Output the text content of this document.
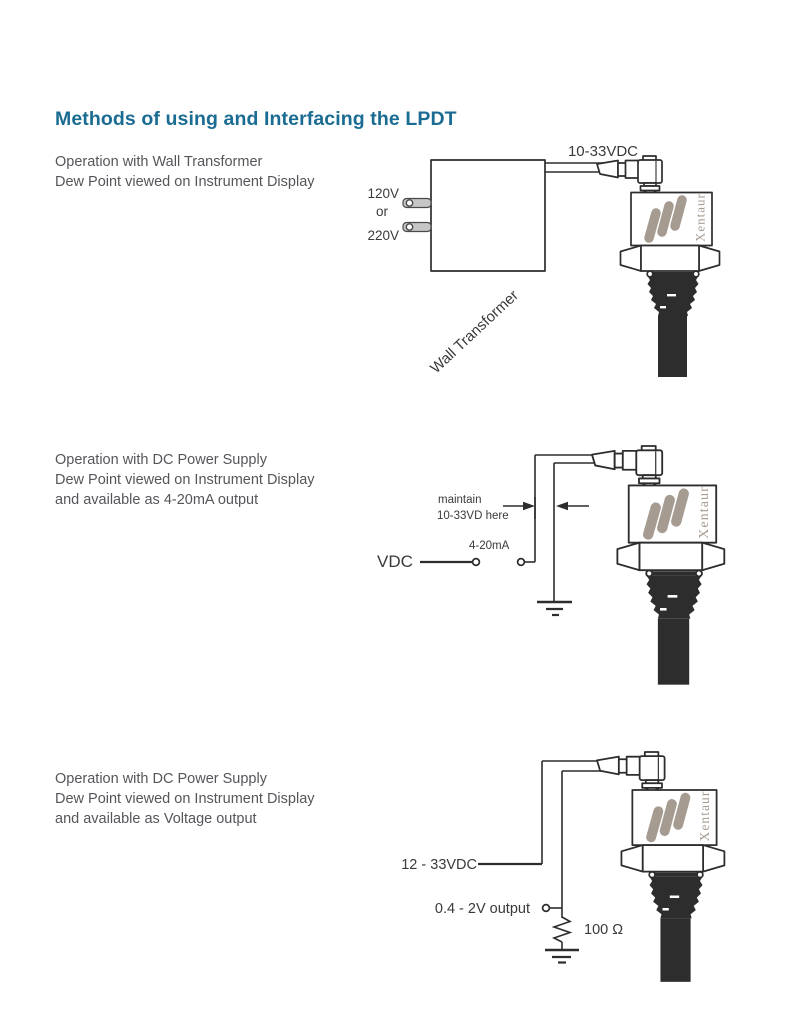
Methods of using and Interfacing the LPDT
Operation with Wall Transformer
Dew Point viewed on Instrument Display
Operation with DC Power Supply
Dew Point viewed on Instrument Display
and available as 4-20mA output
Operation with DC Power Supply
Dew Point viewed on Instrument Display
and available as Voltage output
Xentaur
10-33VDC
120V
or
220V
Wall Transformer
maintain
10-33VD here
4-20mA
VDC
12 - 33VDC
0.4 - 2V output
100 Ω
